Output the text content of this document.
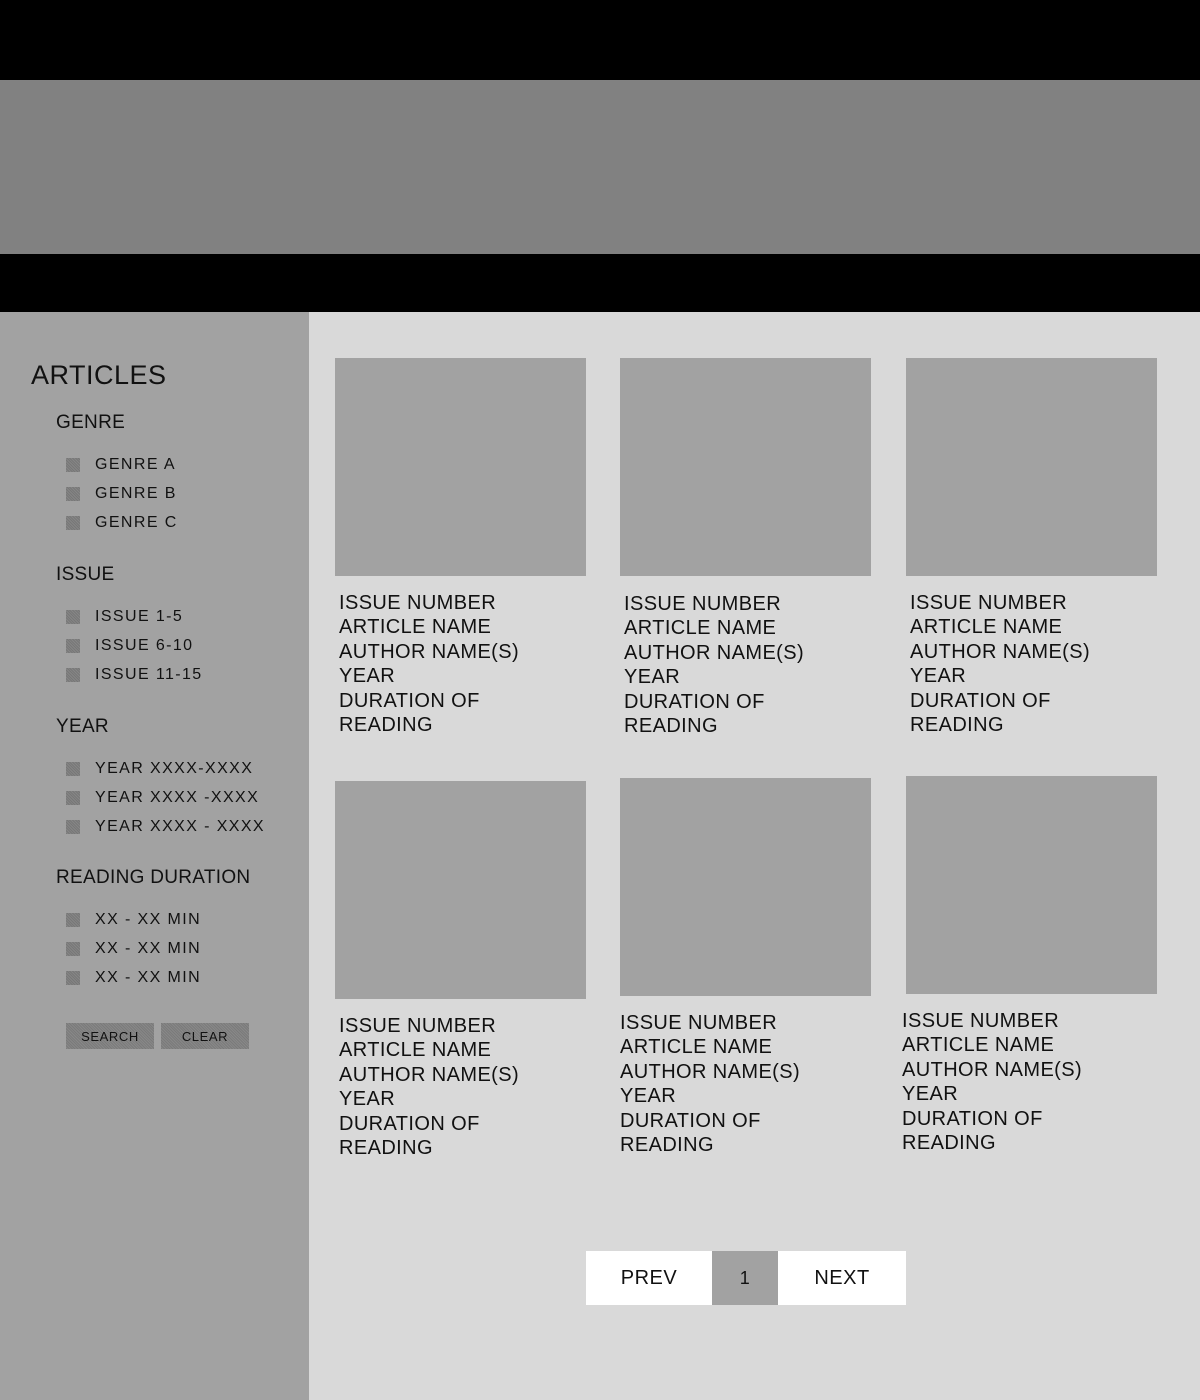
ARTICLES
GENRE
GENRE A
GENRE B
GENRE C
ISSUE
ISSUE 1-5
ISSUE 6-10
ISSUE 11-15
YEAR
YEAR XXXX-XXXX
YEAR XXXX -XXXX
YEAR XXXX - XXXX
READING DURATION
XX - XX MIN
XX - XX MIN
XX - XX MIN
SEARCH	CLEAR
ISSUE NUMBER
ARTICLE NAME
AUTHOR NAME(S)
YEAR
DURATION OF
READING
ISSUE NUMBER
ARTICLE NAME
AUTHOR NAME(S)
YEAR
DURATION OF
READING
ISSUE NUMBER
ARTICLE NAME
AUTHOR NAME(S)
YEAR
DURATION OF
READING
ISSUE NUMBER
ARTICLE NAME
AUTHOR NAME(S)
YEAR
DURATION OF
READING
ISSUE NUMBER
ARTICLE NAME
AUTHOR NAME(S)
YEAR
DURATION OF
READING
ISSUE NUMBER
ARTICLE NAME
AUTHOR NAME(S)
YEAR
DURATION OF
READING
PREV	1	NEXT
